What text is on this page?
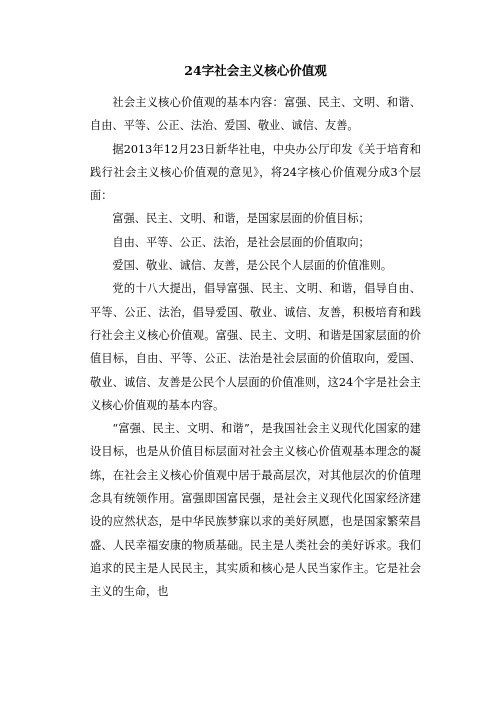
24字社会主义核心价值观

社会主义核心价值观的基本内容：富强、民主、文明、和谐、自由、平等、公正、法治、爱国、敬业、诚信、友善。

据2013年12月23日新华社电，中央办公厅印发《关于培育和践行社会主义核心价值观的意见》，将24字核心价值观分成3个层面：

富强、民主、文明、和谐，是国家层面的价值目标；

自由、平等、公正、法治，是社会层面的价值取向；

爱国、敬业、诚信、友善，是公民个人层面的价值准则。

党的十八大提出，倡导富强、民主、文明、和谐，倡导自由、平等、公正、法治，倡导爱国、敬业、诚信、友善，积极培育和践行社会主义核心价值观。富强、民主、文明、和谐是国家层面的价值目标，自由、平等、公正、法治是社会层面的价值取向，爱国、敬业、诚信、友善是公民个人层面的价值准则，这24个字是社会主义核心价值观的基本内容。

“富强、民主、文明、和谐”，是我国社会主义现代化国家的建设目标，也是从价值目标层面对社会主义核心价值观基本理念的凝练，在社会主义核心价值观中居于最高层次，对其他层次的价值理念具有统领作用。富强即国富民强，是社会主义现代化国家经济建设的应然状态，是中华民族梦寐以求的美好夙愿，也是国家繁荣昌盛、人民幸福安康的物质基础。民主是人类社会的美好诉求。我们追求的民主是人民民主，其实质和核心是人民当家作主。它是社会主义的生命，也
